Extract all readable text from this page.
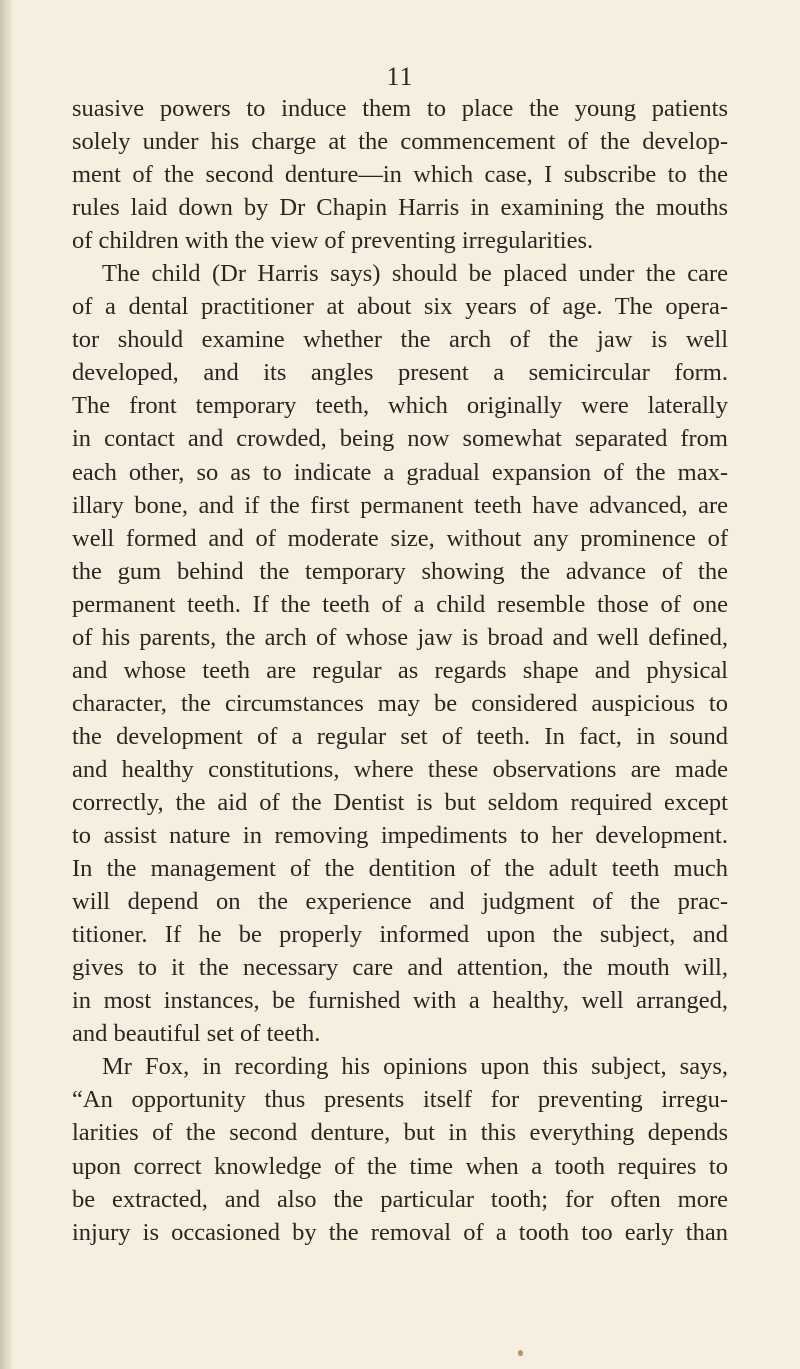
11
suasive powers to induce them to place the young patients
solely under his charge at the commencement of the develop-
ment of the second denture—in which case, I subscribe to the
rules laid down by Dr Chapin Harris in examining the mouths
of children with the view of preventing irregularities.
The child (Dr Harris says) should be placed under the care
of a dental practitioner at about six years of age. The opera-
tor should examine whether the arch of the jaw is well
developed, and its angles present a semicircular form.
The front temporary teeth, which originally were laterally
in contact and crowded, being now somewhat separated from
each other, so as to indicate a gradual expansion of the max-
illary bone, and if the first permanent teeth have advanced, are
well formed and of moderate size, without any prominence of
the gum behind the temporary showing the advance of the
permanent teeth. If the teeth of a child resemble those of one
of his parents, the arch of whose jaw is broad and well defined,
and whose teeth are regular as regards shape and physical
character, the circumstances may be considered auspicious to
the development of a regular set of teeth. In fact, in sound
and healthy constitutions, where these observations are made
correctly, the aid of the Dentist is but seldom required except
to assist nature in removing impediments to her development.
In the management of the dentition of the adult teeth much
will depend on the experience and judgment of the prac-
titioner. If he be properly informed upon the subject, and
gives to it the necessary care and attention, the mouth will,
in most instances, be furnished with a healthy, well arranged,
and beautiful set of teeth.
Mr Fox, in recording his opinions upon this subject, says,
“An opportunity thus presents itself for preventing irregu-
larities of the second denture, but in this everything depends
upon correct knowledge of the time when a tooth requires to
be extracted, and also the particular tooth; for often more
injury is occasioned by the removal of a tooth too early than
